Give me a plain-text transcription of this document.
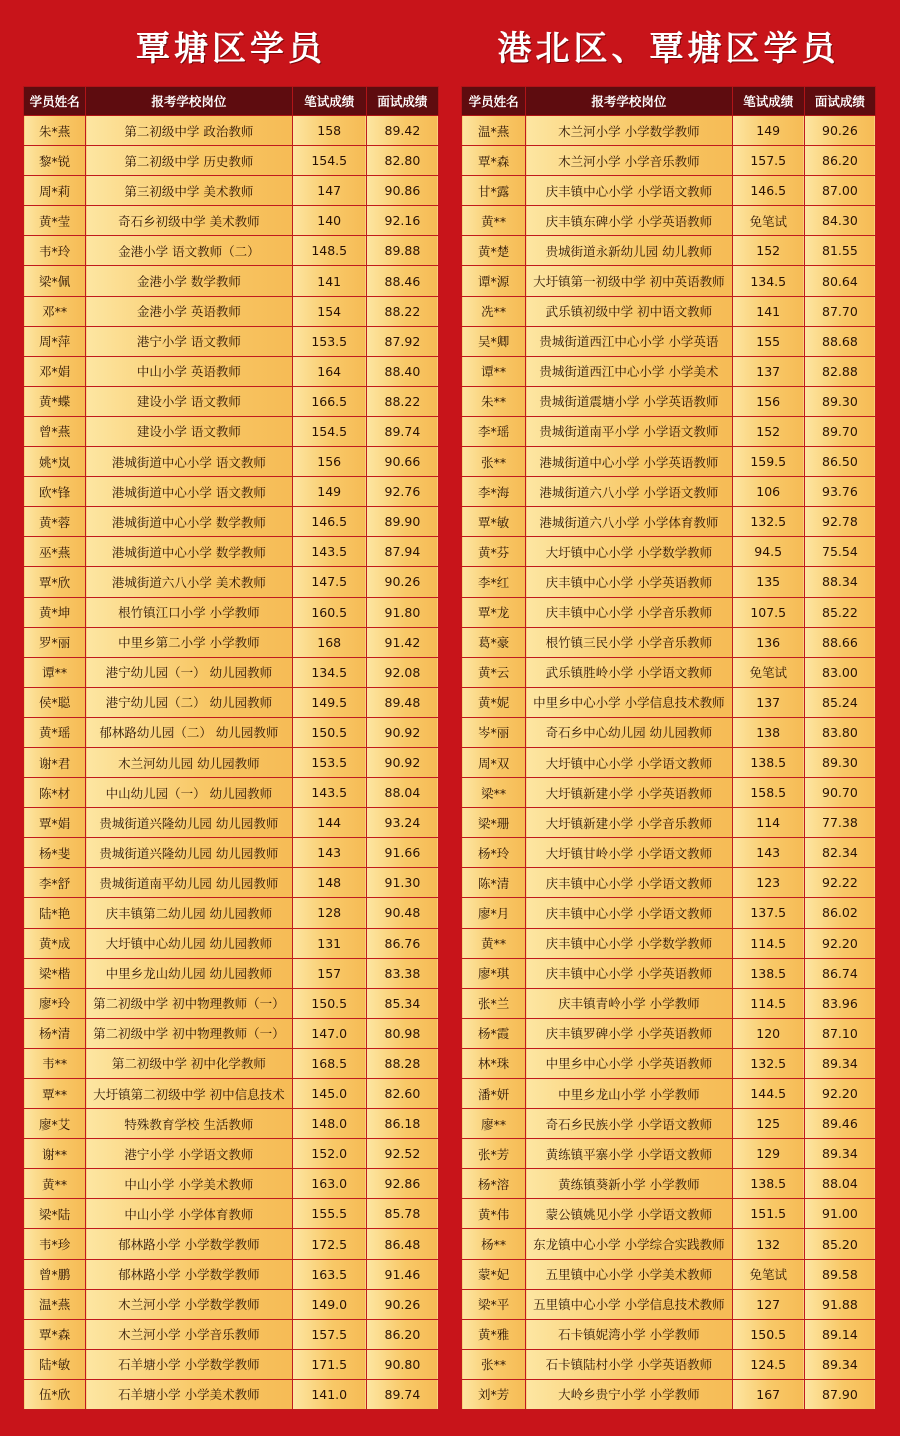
覃塘区学员
学员姓名	报考学校岗位	笔试成绩	面试成绩
朱*燕	第二初级中学 政治教师	158	89.42
黎*锐	第二初级中学 历史教师	154.5	82.80
周*莉	第三初级中学 美术教师	147	90.86
黄*莹	奇石乡初级中学 美术教师	140	92.16
韦*玲	金港小学 语文教师（二）	148.5	89.88
梁*佩	金港小学 数学教师	141	88.46
邓**	金港小学 英语教师	154	88.22
周*萍	港宁小学 语文教师	153.5	87.92
邓*娟	中山小学 英语教师	164	88.40
黄*蝶	建设小学 语文教师	166.5	88.22
曾*燕	建设小学 语文教师	154.5	89.74
姚*岚	港城街道中心小学 语文教师	156	90.66
欧*锋	港城街道中心小学 语文教师	149	92.76
黄*蓉	港城街道中心小学 数学教师	146.5	89.90
巫*燕	港城街道中心小学 数学教师	143.5	87.94
覃*欣	港城街道六八小学 美术教师	147.5	90.26
黄*坤	根竹镇江口小学 小学教师	160.5	91.80
罗*丽	中里乡第二小学 小学教师	168	91.42
谭**	港宁幼儿园（一） 幼儿园教师	134.5	92.08
侯*聪	港宁幼儿园（二） 幼儿园教师	149.5	89.48
黄*瑶	郁林路幼儿园（二） 幼儿园教师	150.5	90.92
谢*君	木兰河幼儿园 幼儿园教师	153.5	90.92
陈*材	中山幼儿园（一） 幼儿园教师	143.5	88.04
覃*娟	贵城街道兴隆幼儿园 幼儿园教师	144	93.24
杨*斐	贵城街道兴隆幼儿园 幼儿园教师	143	91.66
李*舒	贵城街道南平幼儿园 幼儿园教师	148	91.30
陆*艳	庆丰镇第二幼儿园 幼儿园教师	128	90.48
黄*成	大圩镇中心幼儿园 幼儿园教师	131	86.76
梁*楷	中里乡龙山幼儿园 幼儿园教师	157	83.38
廖*玲	第二初级中学 初中物理教师（一）	150.5	85.34
杨*清	第二初级中学 初中物理教师（一）	147.0	80.98
韦**	第二初级中学 初中化学教师	168.5	88.28
覃**	大圩镇第二初级中学 初中信息技术	145.0	82.60
廖*艾	特殊教育学校 生活教师	148.0	86.18
谢**	港宁小学 小学语文教师	152.0	92.52
黄**	中山小学 小学美术教师	163.0	92.86
梁*陆	中山小学 小学体育教师	155.5	85.78
韦*珍	郁林路小学 小学数学教师	172.5	86.48
曾*鹏	郁林路小学 小学数学教师	163.5	91.46
温*燕	木兰河小学 小学数学教师	149.0	90.26
覃*森	木兰河小学 小学音乐教师	157.5	86.20
陆*敏	石羊塘小学 小学数学教师	171.5	90.80
伍*欣	石羊塘小学 小学美术教师	141.0	89.74
港北区、覃塘区学员
学员姓名	报考学校岗位	笔试成绩	面试成绩
温*燕	木兰河小学 小学数学教师	149	90.26
覃*森	木兰河小学 小学音乐教师	157.5	86.20
甘*露	庆丰镇中心小学 小学语文教师	146.5	87.00
黄**	庆丰镇东碑小学 小学英语教师	免笔试	84.30
黄*楚	贵城街道永新幼儿园 幼儿教师	152	81.55
谭*源	大圩镇第一初级中学 初中英语教师	134.5	80.64
冼**	武乐镇初级中学 初中语文教师	141	87.70
吴*卿	贵城街道西江中心小学 小学英语	155	88.68
谭**	贵城街道西江中心小学 小学美术	137	82.88
朱**	贵城街道震塘小学 小学英语教师	156	89.30
李*瑶	贵城街道南平小学 小学语文教师	152	89.70
张**	港城街道中心小学 小学英语教师	159.5	86.50
李*海	港城街道六八小学 小学语文教师	106	93.76
覃*敏	港城街道六八小学 小学体育教师	132.5	92.78
黄*芬	大圩镇中心小学 小学数学教师	94.5	75.54
李*红	庆丰镇中心小学 小学英语教师	135	88.34
覃*龙	庆丰镇中心小学 小学音乐教师	107.5	85.22
葛*豪	根竹镇三民小学 小学音乐教师	136	88.66
黄*云	武乐镇胜岭小学 小学语文教师	免笔试	83.00
黄*妮	中里乡中心小学 小学信息技术教师	137	85.24
岑*丽	奇石乡中心幼儿园 幼儿园教师	138	83.80
周*双	大圩镇中心小学 小学语文教师	138.5	89.30
梁**	大圩镇新建小学 小学英语教师	158.5	90.70
梁*珊	大圩镇新建小学 小学音乐教师	114	77.38
杨*玲	大圩镇甘岭小学 小学语文教师	143	82.34
陈*清	庆丰镇中心小学 小学语文教师	123	92.22
廖*月	庆丰镇中心小学 小学语文教师	137.5	86.02
黄**	庆丰镇中心小学 小学数学教师	114.5	92.20
廖*琪	庆丰镇中心小学 小学英语教师	138.5	86.74
张*兰	庆丰镇青岭小学 小学教师	114.5	83.96
杨*霞	庆丰镇罗碑小学 小学英语教师	120	87.10
林*珠	中里乡中心小学 小学英语教师	132.5	89.34
潘*妍	中里乡龙山小学 小学教师	144.5	92.20
廖**	奇石乡民族小学 小学语文教师	125	89.46
张*芳	黄练镇平寨小学 小学语文教师	129	89.34
杨*溶	黄练镇葵新小学 小学教师	138.5	88.04
黄*伟	蒙公镇姚见小学 小学语文教师	151.5	91.00
杨**	东龙镇中心小学 小学综合实践教师	132	85.20
蒙*妃	五里镇中心小学 小学美术教师	免笔试	89.58
梁*平	五里镇中心小学 小学信息技术教师	127	91.88
黄*雅	石卡镇妮湾小学 小学教师	150.5	89.14
张**	石卡镇陆村小学 小学英语教师	124.5	89.34
刘*芳	大岭乡贵宁小学 小学教师	167	87.90
